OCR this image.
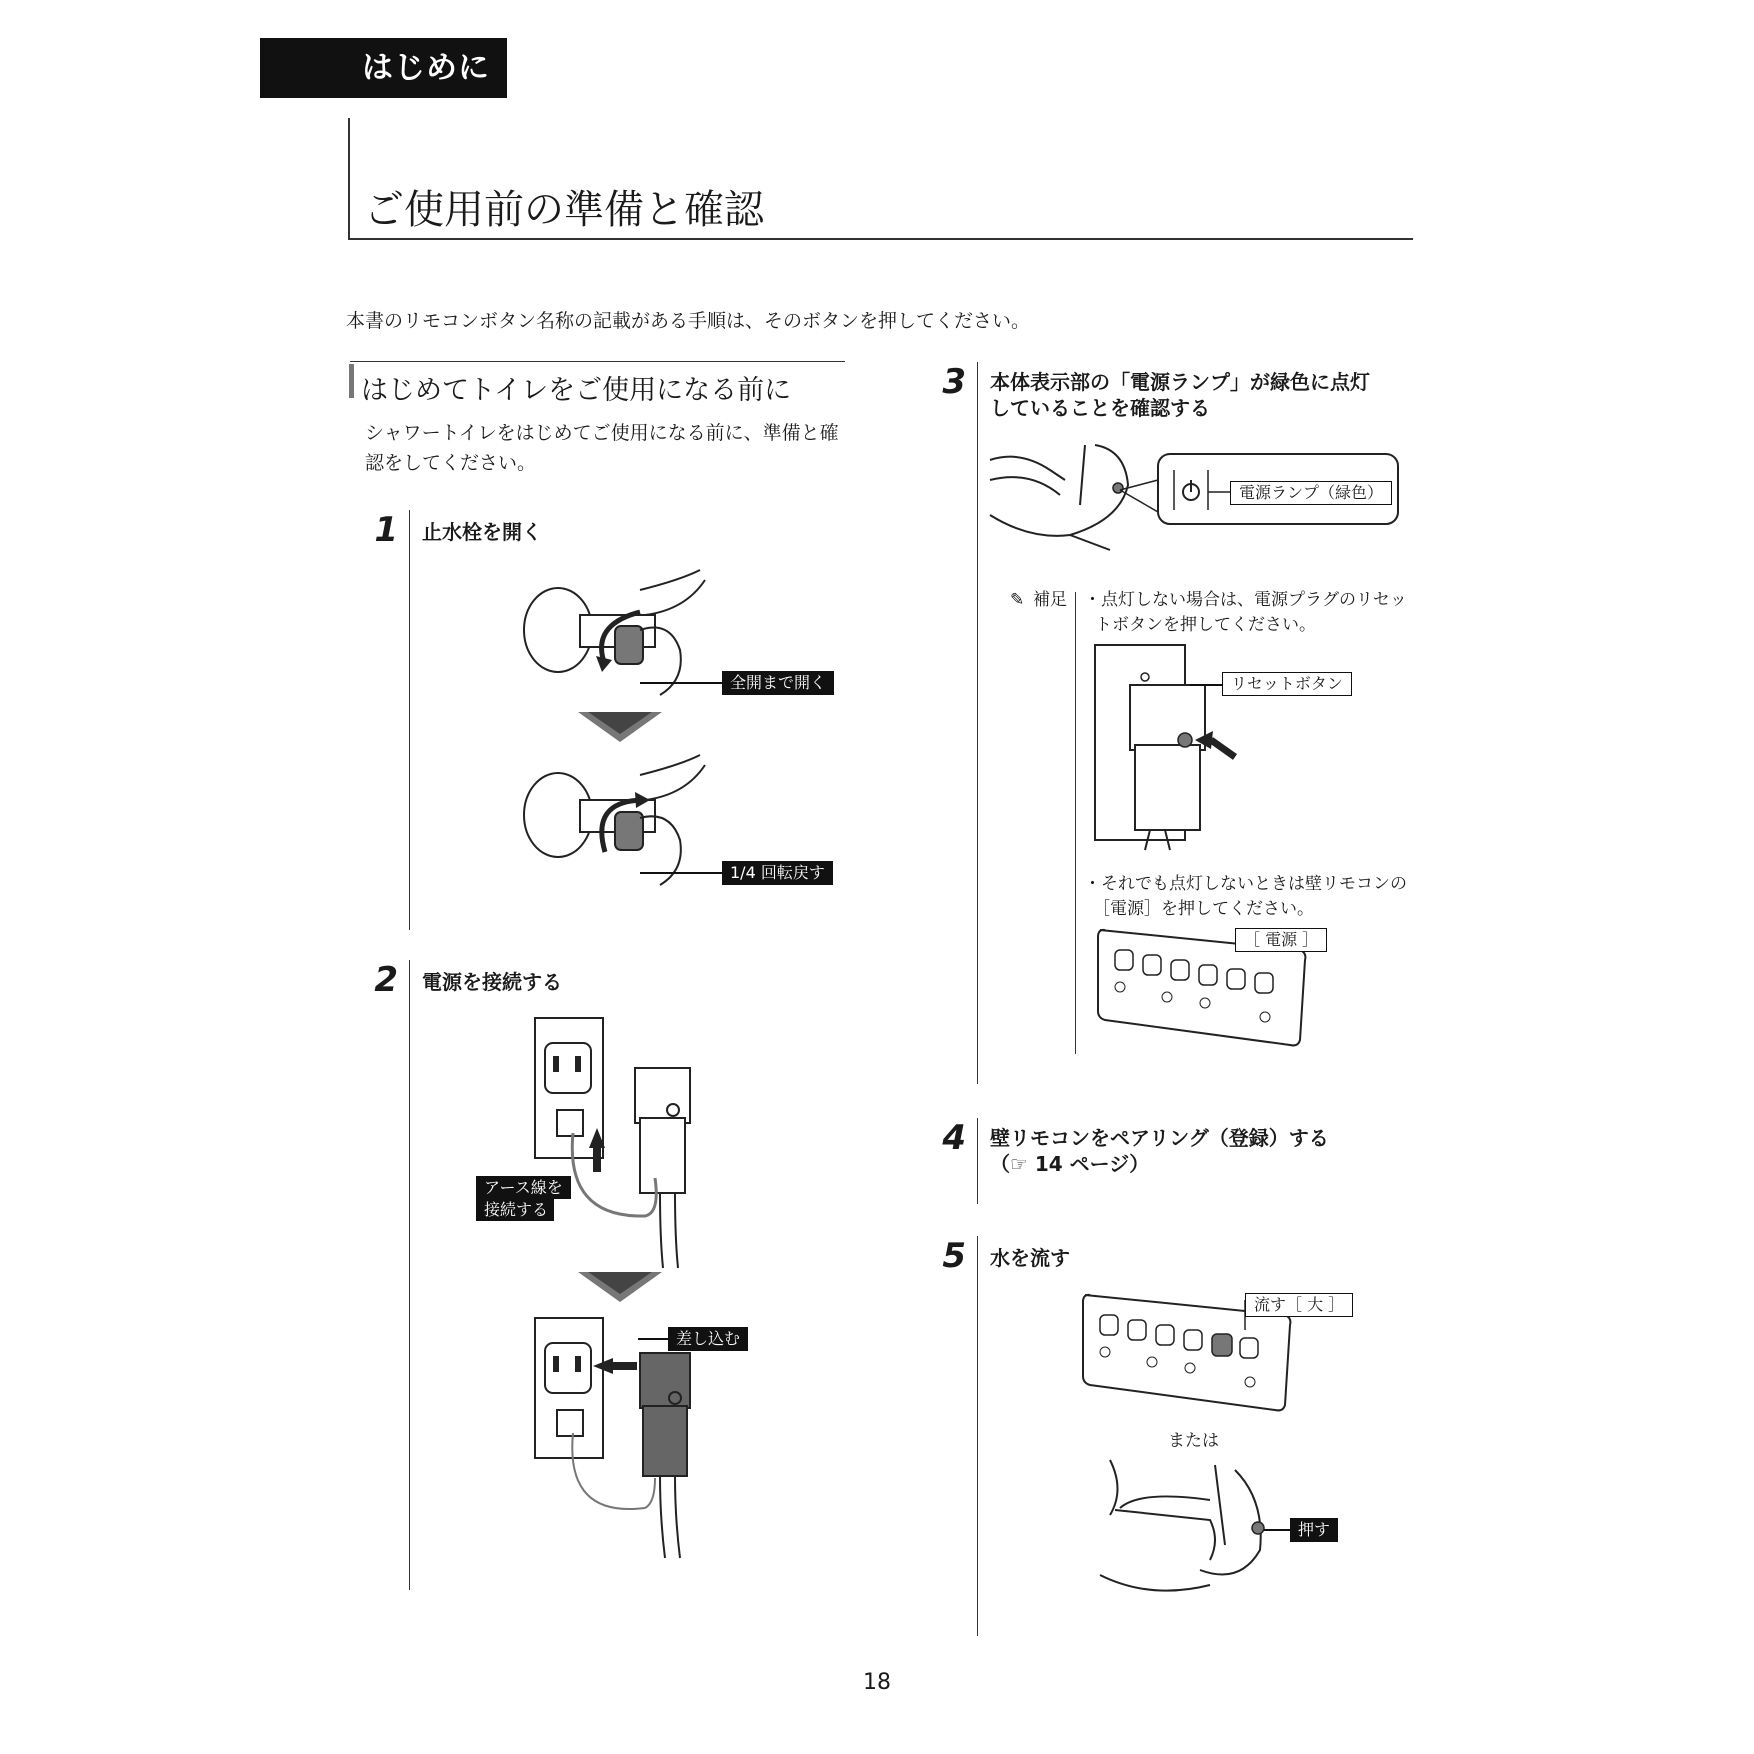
はじめに
ご使用前の準備と確認
本書のリモコンボタン名称の記載がある手順は、そのボタンを押してください。
はじめてトイレをご使用になる前に
シャワートイレをはじめてご使用になる前に、準備と確認をしてください。
1 止水栓を開く
全開まで開く
1/4 回転戻す
2 電源を接続する
アース線を
接続する
差し込む
3 本体表示部の「電源ランプ」が緑色に点灯
していることを確認する
電源ランプ（緑色）
✎ 補足 ・点灯しない場合は、電源プラグのリセッ
トボタンを押してください。
リセットボタン
・それでも点灯しないときは壁リモコンの
［電源］を押してください。
［ 電源 ］
4 壁リモコンをペアリング（登録）する
（☞ 14 ページ）
5 水を流す
流す［ 大 ］
または
押す
18
